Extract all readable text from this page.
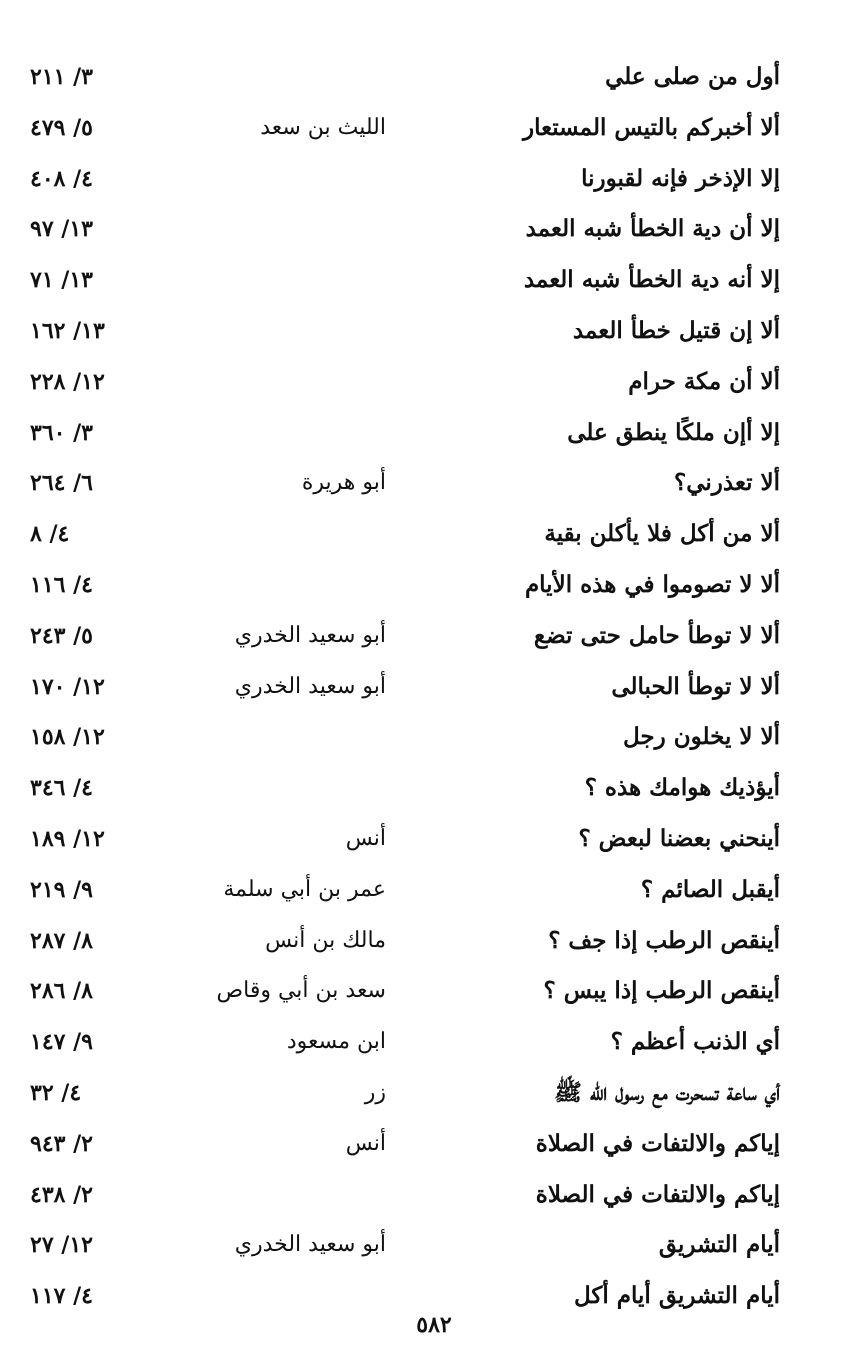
أول من صلى علي
٣/ ٢١١
ألا أخبركم بالتيس المستعار
الليث بن سعد
٥/ ٤٧٩
إلا الإذخر فإنه لقبورنا
٤/ ٤٠٨
إلا أن دية الخطأ شبه العمد
١٣/ ٩٧
إلا أنه دية الخطأ شبه العمد
١٣/ ٧١
ألا إن قتيل خطأ العمد
١٣/ ١٦٢
ألا أن مكة حرام
١٢/ ٢٢٨
إلا أإن ملكًا ينطق على
٣/ ٣٦٠
ألا تعذرني؟
أبو هريرة
٦/ ٢٦٤
ألا من أكل فلا يأكلن بقية
٤/ ٨
ألا لا تصوموا في هذه الأيام
٤/ ١١٦
ألا لا توطأ حامل حتى تضع
أبو سعيد الخدري
٥/ ٢٤٣
ألا لا توطأ الحبالى
أبو سعيد الخدري
١٢/ ١٧٠
ألا لا يخلون رجل
١٢/ ١٥٨
أيؤذيك هوامك هذه ؟
٤/ ٣٤٦
أينحني بعضنا لبعض ؟
أنس
١٢/ ١٨٩
أيقبل الصائم ؟
عمر بن أبي سلمة
٩/ ٢١٩
أينقص الرطب إذا جف ؟
مالك بن أنس
٨/ ٢٨٧
أينقص الرطب إذا يبس ؟
سعد بن أبي وقاص
٨/ ٢٨٦
أي الذنب أعظم ؟
ابن مسعود
٩/ ١٤٧
أي ساعة تسحرت مع رسول الله ﷺ
زر
٤/ ٣٢
إياكم والالتفات في الصلاة
أنس
٢/ ٩٤٣
إياكم والالتفات في الصلاة
٢/ ٤٣٨
أيام التشريق
أبو سعيد الخدري
١٢/ ٢٧
أيام التشريق أيام أكل
٤/ ١١٧
٥٨٢
